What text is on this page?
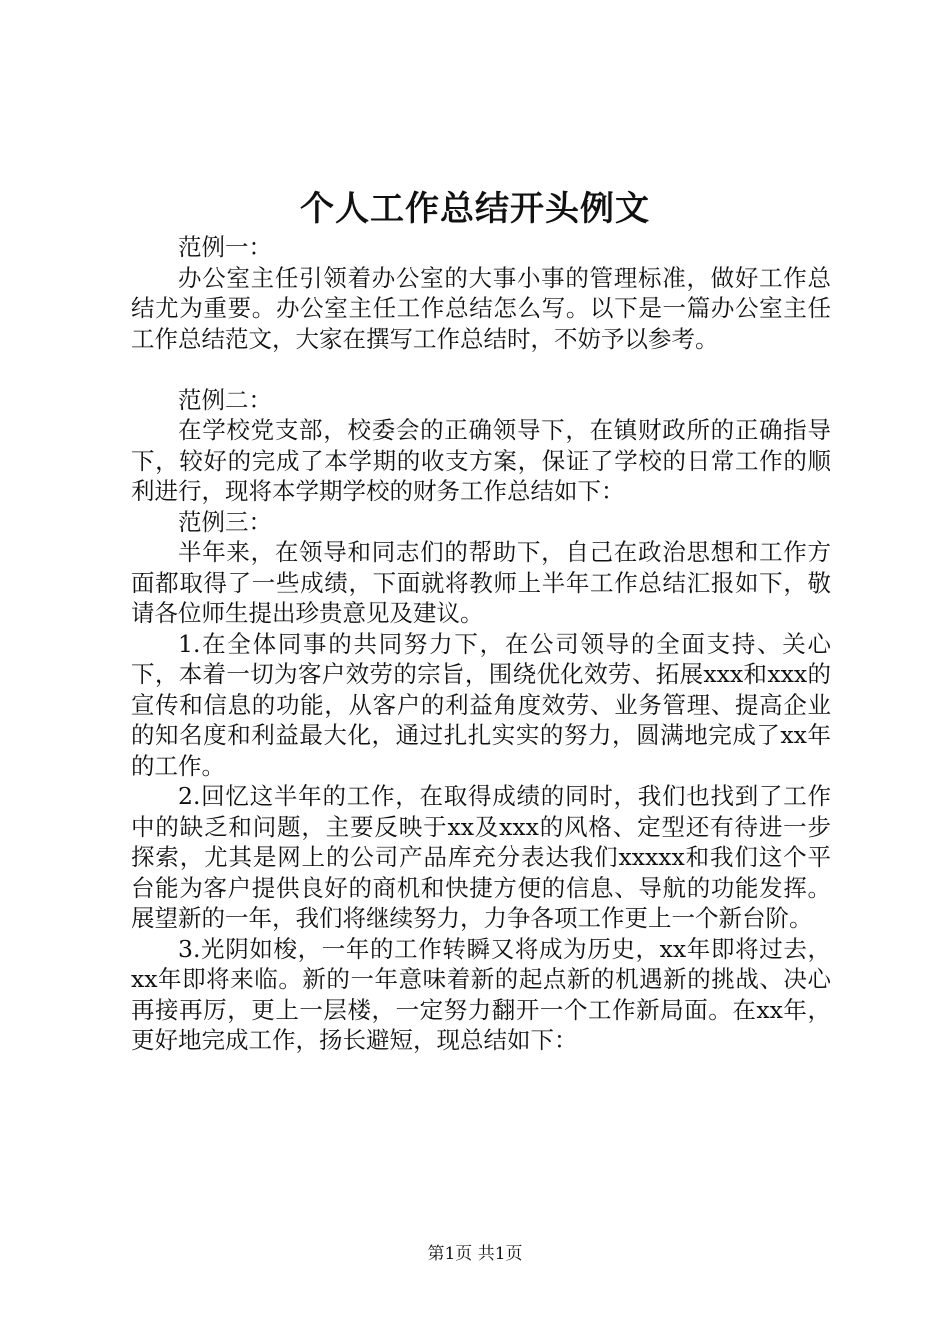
个人工作总结开头例文

范例一：

办公室主任引领着办公室的大事小事的管理标准，做好工作总结尤为重要。办公室主任工作总结怎么写。以下是一篇办公室主任工作总结范文，大家在撰写工作总结时，不妨予以参考。

范例二：

在学校党支部，校委会的正确领导下，在镇财政所的正确指导下，较好的完成了本学期的收支方案，保证了学校的日常工作的顺利进行，现将本学期学校的财务工作总结如下：

范例三：

半年来，在领导和同志们的帮助下，自己在政治思想和工作方面都取得了一些成绩，下面就将教师上半年工作总结汇报如下，敬请各位师生提出珍贵意见及建议。

1.在全体同事的共同努力下，在公司领导的全面支持、关心下，本着一切为客户效劳的宗旨，围绕优化效劳、拓展xxx和xxx的宣传和信息的功能，从客户的利益角度效劳、业务管理、提高企业的知名度和利益最大化，通过扎扎实实的努力，圆满地完成了xx年的工作。

2.回忆这半年的工作，在取得成绩的同时，我们也找到了工作中的缺乏和问题，主要反映于xx及xxx的风格、定型还有待进一步探索，尤其是网上的公司产品库充分表达我们xxxxx和我们这个平台能为客户提供良好的商机和快捷方便的信息、导航的功能发挥。展望新的一年，我们将继续努力，力争各项工作更上一个新台阶。

3.光阴如梭，一年的工作转瞬又将成为历史，xx年即将过去，xx年即将来临。新的一年意味着新的起点新的机遇新的挑战、决心再接再厉，更上一层楼，一定努力翻开一个工作新局面。在xx年，更好地完成工作，扬长避短，现总结如下：

第1页 共1页
